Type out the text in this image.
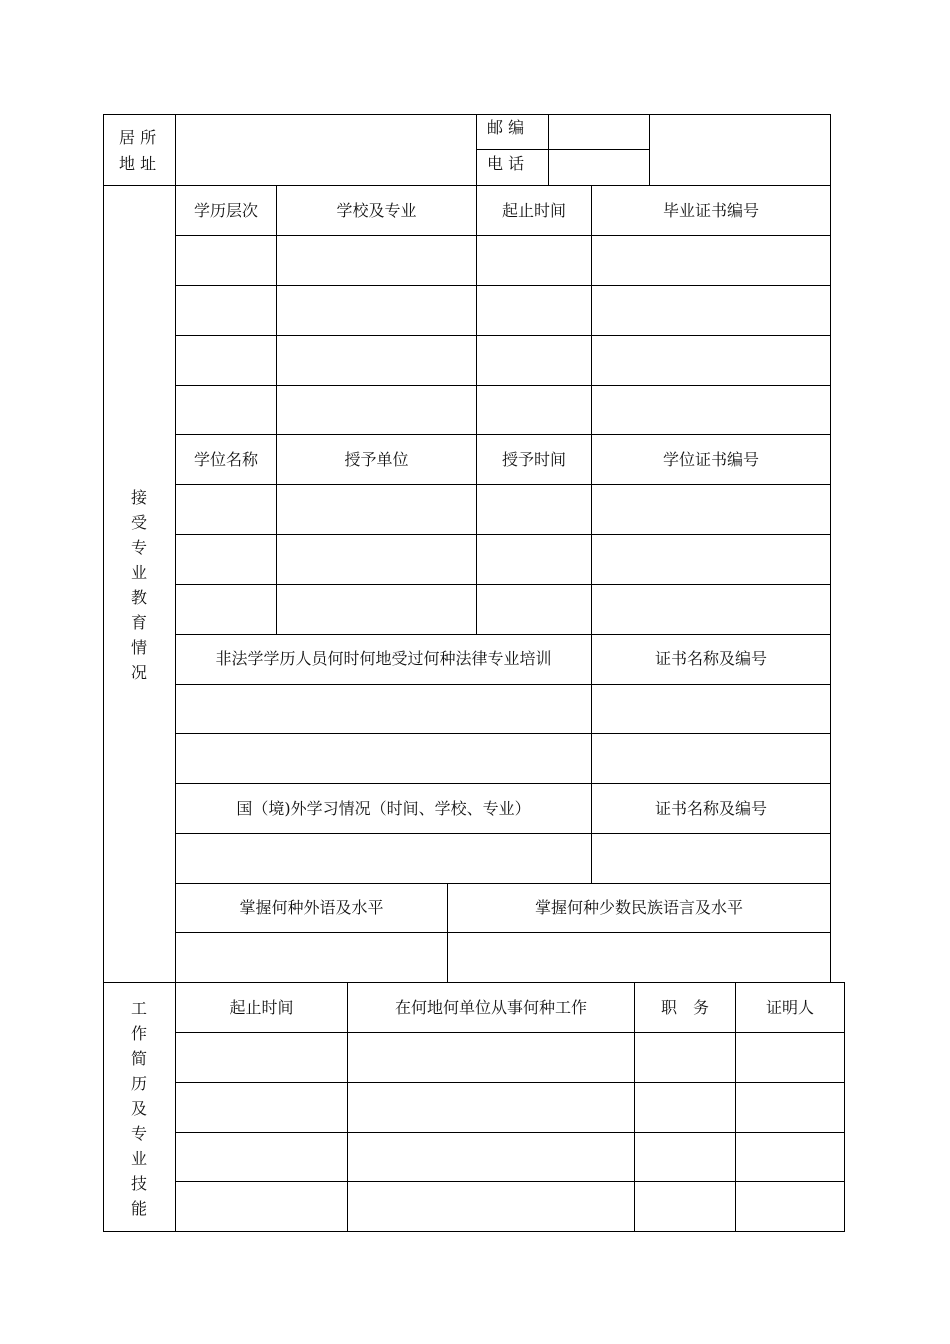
居 所
地 址
邮 编
电 话
接
受
专
业
教
育
情
况
学历层次	学校及专业	起止时间	毕业证书编号
学位名称	授予单位	授予时间	学位证书编号
非法学学历人员何时何地受过何种法律专业培训	证书名称及编号
国（境)外学习情况（时间、学校、专业）	证书名称及编号
掌握何种外语及水平	掌握何种少数民族语言及水平
工
作
简
历
及
专
业
技
能
起止时间	在何地何单位从事何种工作	职　务	证明人
